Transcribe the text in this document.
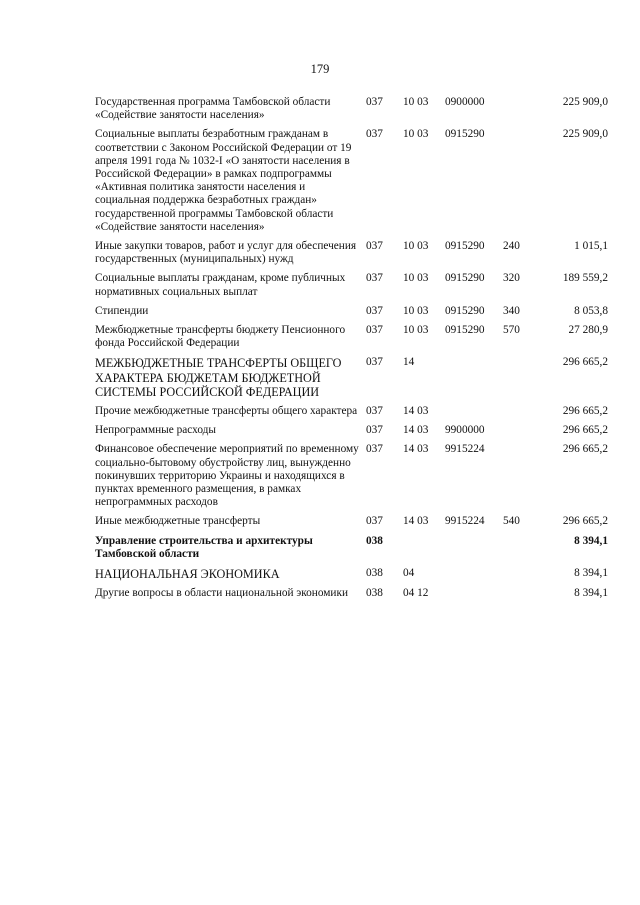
179
Государственная программа Тамбовской области «Содействие занятости населения»	037	10 03	0900000		225 909,0
Социальные выплаты безработным гражданам в соответствии с Законом Российской Федерации от 19 апреля 1991 года № 1032-I «О занятости населения в Российской Федерации» в рамках подпрограммы «Активная политика занятости населения и социальная поддержка безработных граждан» государственной программы Тамбовской области «Содействие занятости населения»	037	10 03	0915290		225 909,0
Иные закупки товаров, работ и услуг для обеспечения государственных (муниципальных) нужд	037	10 03	0915290	240	1 015,1
Социальные выплаты гражданам, кроме публичных нормативных социальных выплат	037	10 03	0915290	320	189 559,2
Стипендии	037	10 03	0915290	340	8 053,8
Межбюджетные трансферты бюджету Пенсионного фонда Российской Федерации	037	10 03	0915290	570	27 280,9
МЕЖБЮДЖЕТНЫЕ ТРАНСФЕРТЫ ОБЩЕГО ХАРАКТЕРА БЮДЖЕТАМ БЮДЖЕТНОЙ СИСТЕМЫ РОССИЙСКОЙ ФЕДЕРАЦИИ	037	14			296 665,2
Прочие межбюджетные трансферты общего характера	037	14 03			296 665,2
Непрограммные расходы	037	14 03	9900000		296 665,2
Финансовое обеспечение мероприятий по временному социально-бытовому обустройству лиц, вынужденно покинувших территорию Украины и находящихся в пунктах временного размещения, в рамках непрограммных расходов	037	14 03	9915224		296 665,2
Иные межбюджетные трансферты	037	14 03	9915224	540	296 665,2
Управление строительства и архитектуры Тамбовской области	038				8 394,1
НАЦИОНАЛЬНАЯ ЭКОНОМИКА	038	04			8 394,1
Другие вопросы в области национальной экономики	038	04 12			8 394,1
